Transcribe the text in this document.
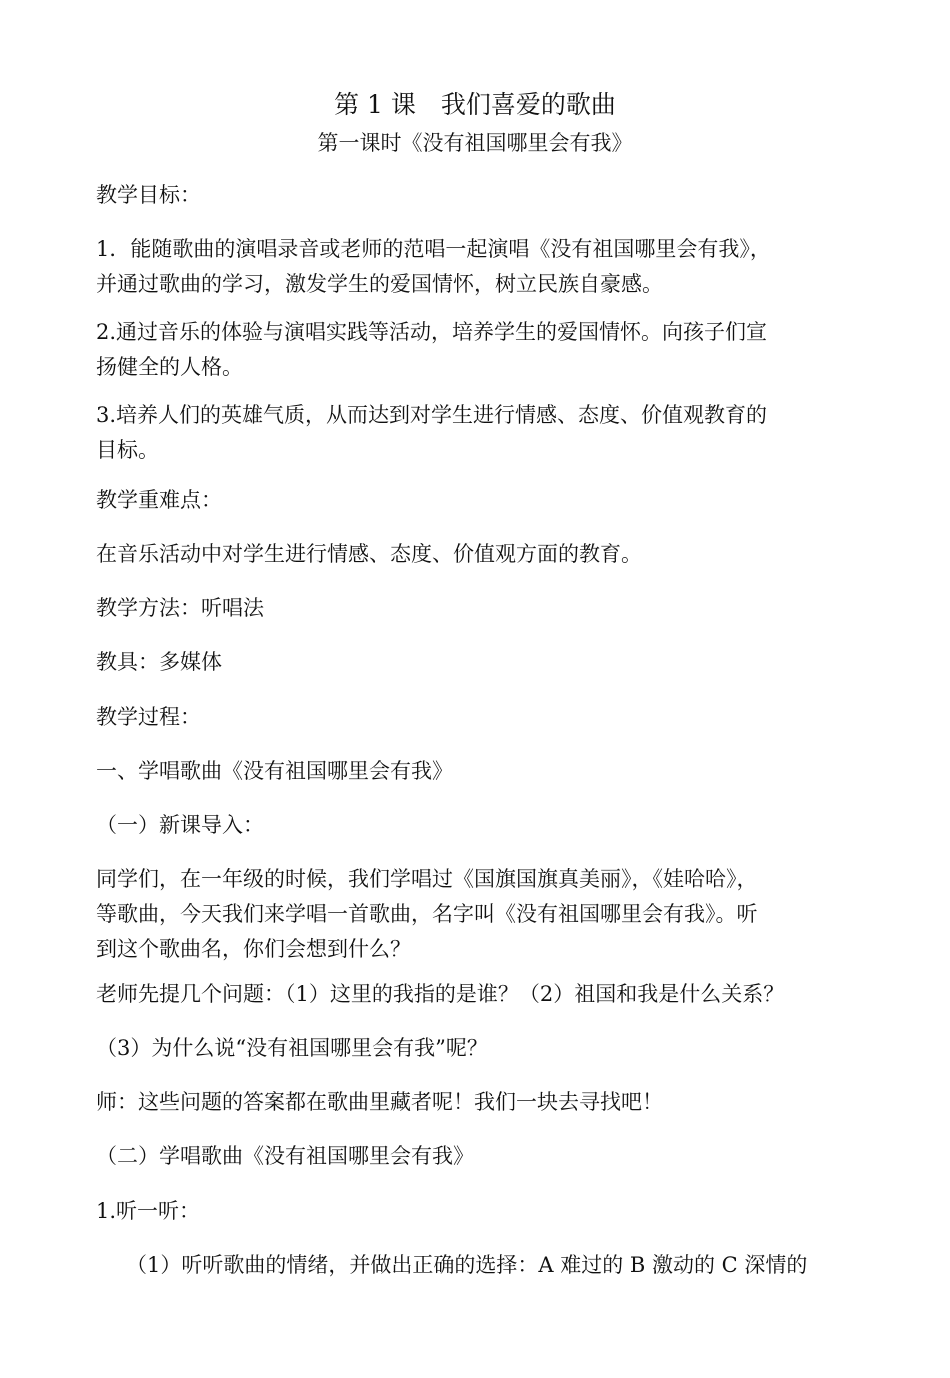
第 1 课　我们喜爱的歌曲
第一课时《没有祖国哪里会有我》
教学目标：
1．能随歌曲的演唱录音或老师的范唱一起演唱《没有祖国哪里会有我》，
并通过歌曲的学习，激发学生的爱国情怀，树立民族自豪感。
2.通过音乐的体验与演唱实践等活动，培养学生的爱国情怀。向孩子们宣
扬健全的人格。
3.培养人们的英雄气质，从而达到对学生进行情感、态度、价值观教育的
目标。
教学重难点：
在音乐活动中对学生进行情感、态度、价值观方面的教育。
教学方法：听唱法
教具：多媒体
教学过程：
一、学唱歌曲《没有祖国哪里会有我》
（一）新课导入：
同学们，在一年级的时候，我们学唱过《国旗国旗真美丽》，《娃哈哈》，
等歌曲，今天我们来学唱一首歌曲，名字叫《没有祖国哪里会有我》。听
到这个歌曲名，你们会想到什么？
老师先提几个问题：（1）这里的我指的是谁？（2）祖国和我是什么关系？
（3）为什么说“没有祖国哪里会有我”呢？
师：这些问题的答案都在歌曲里藏者呢！我们一块去寻找吧！
（二）学唱歌曲《没有祖国哪里会有我》
1.听一听：
（1）听听歌曲的情绪，并做出正确的选择：A 难过的 B 激动的 C 深情的
